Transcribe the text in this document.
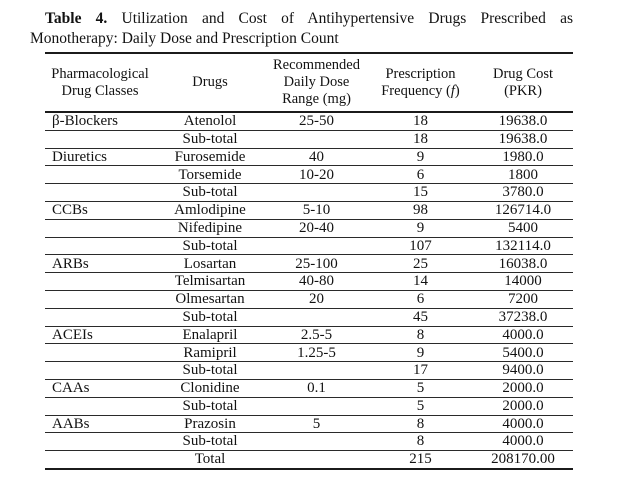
Table 4. Utilization and Cost of Antihypertensive Drugs Prescribed as
Monotherapy: Daily Dose and Prescription Count
Pharmacological Drug Classes	Drugs	Recommended Daily Dose Range (mg)	Prescription Frequency (f)	Drug Cost (PKR)
β-Blockers	Atenolol	25-50	18	19638.0
	Sub-total		18	19638.0
Diuretics	Furosemide	40	9	1980.0
	Torsemide	10-20	6	1800
	Sub-total		15	3780.0
CCBs	Amlodipine	5-10	98	126714.0
	Nifedipine	20-40	9	5400
	Sub-total		107	132114.0
ARBs	Losartan	25-100	25	16038.0
	Telmisartan	40-80	14	14000
	Olmesartan	20	6	7200
	Sub-total		45	37238.0
ACEIs	Enalapril	2.5-5	8	4000.0
	Ramipril	1.25-5	9	5400.0
	Sub-total		17	9400.0
CAAs	Clonidine	0.1	5	2000.0
	Sub-total		5	2000.0
AABs	Prazosin	5	8	4000.0
	Sub-total		8	4000.0
	Total		215	208170.00
